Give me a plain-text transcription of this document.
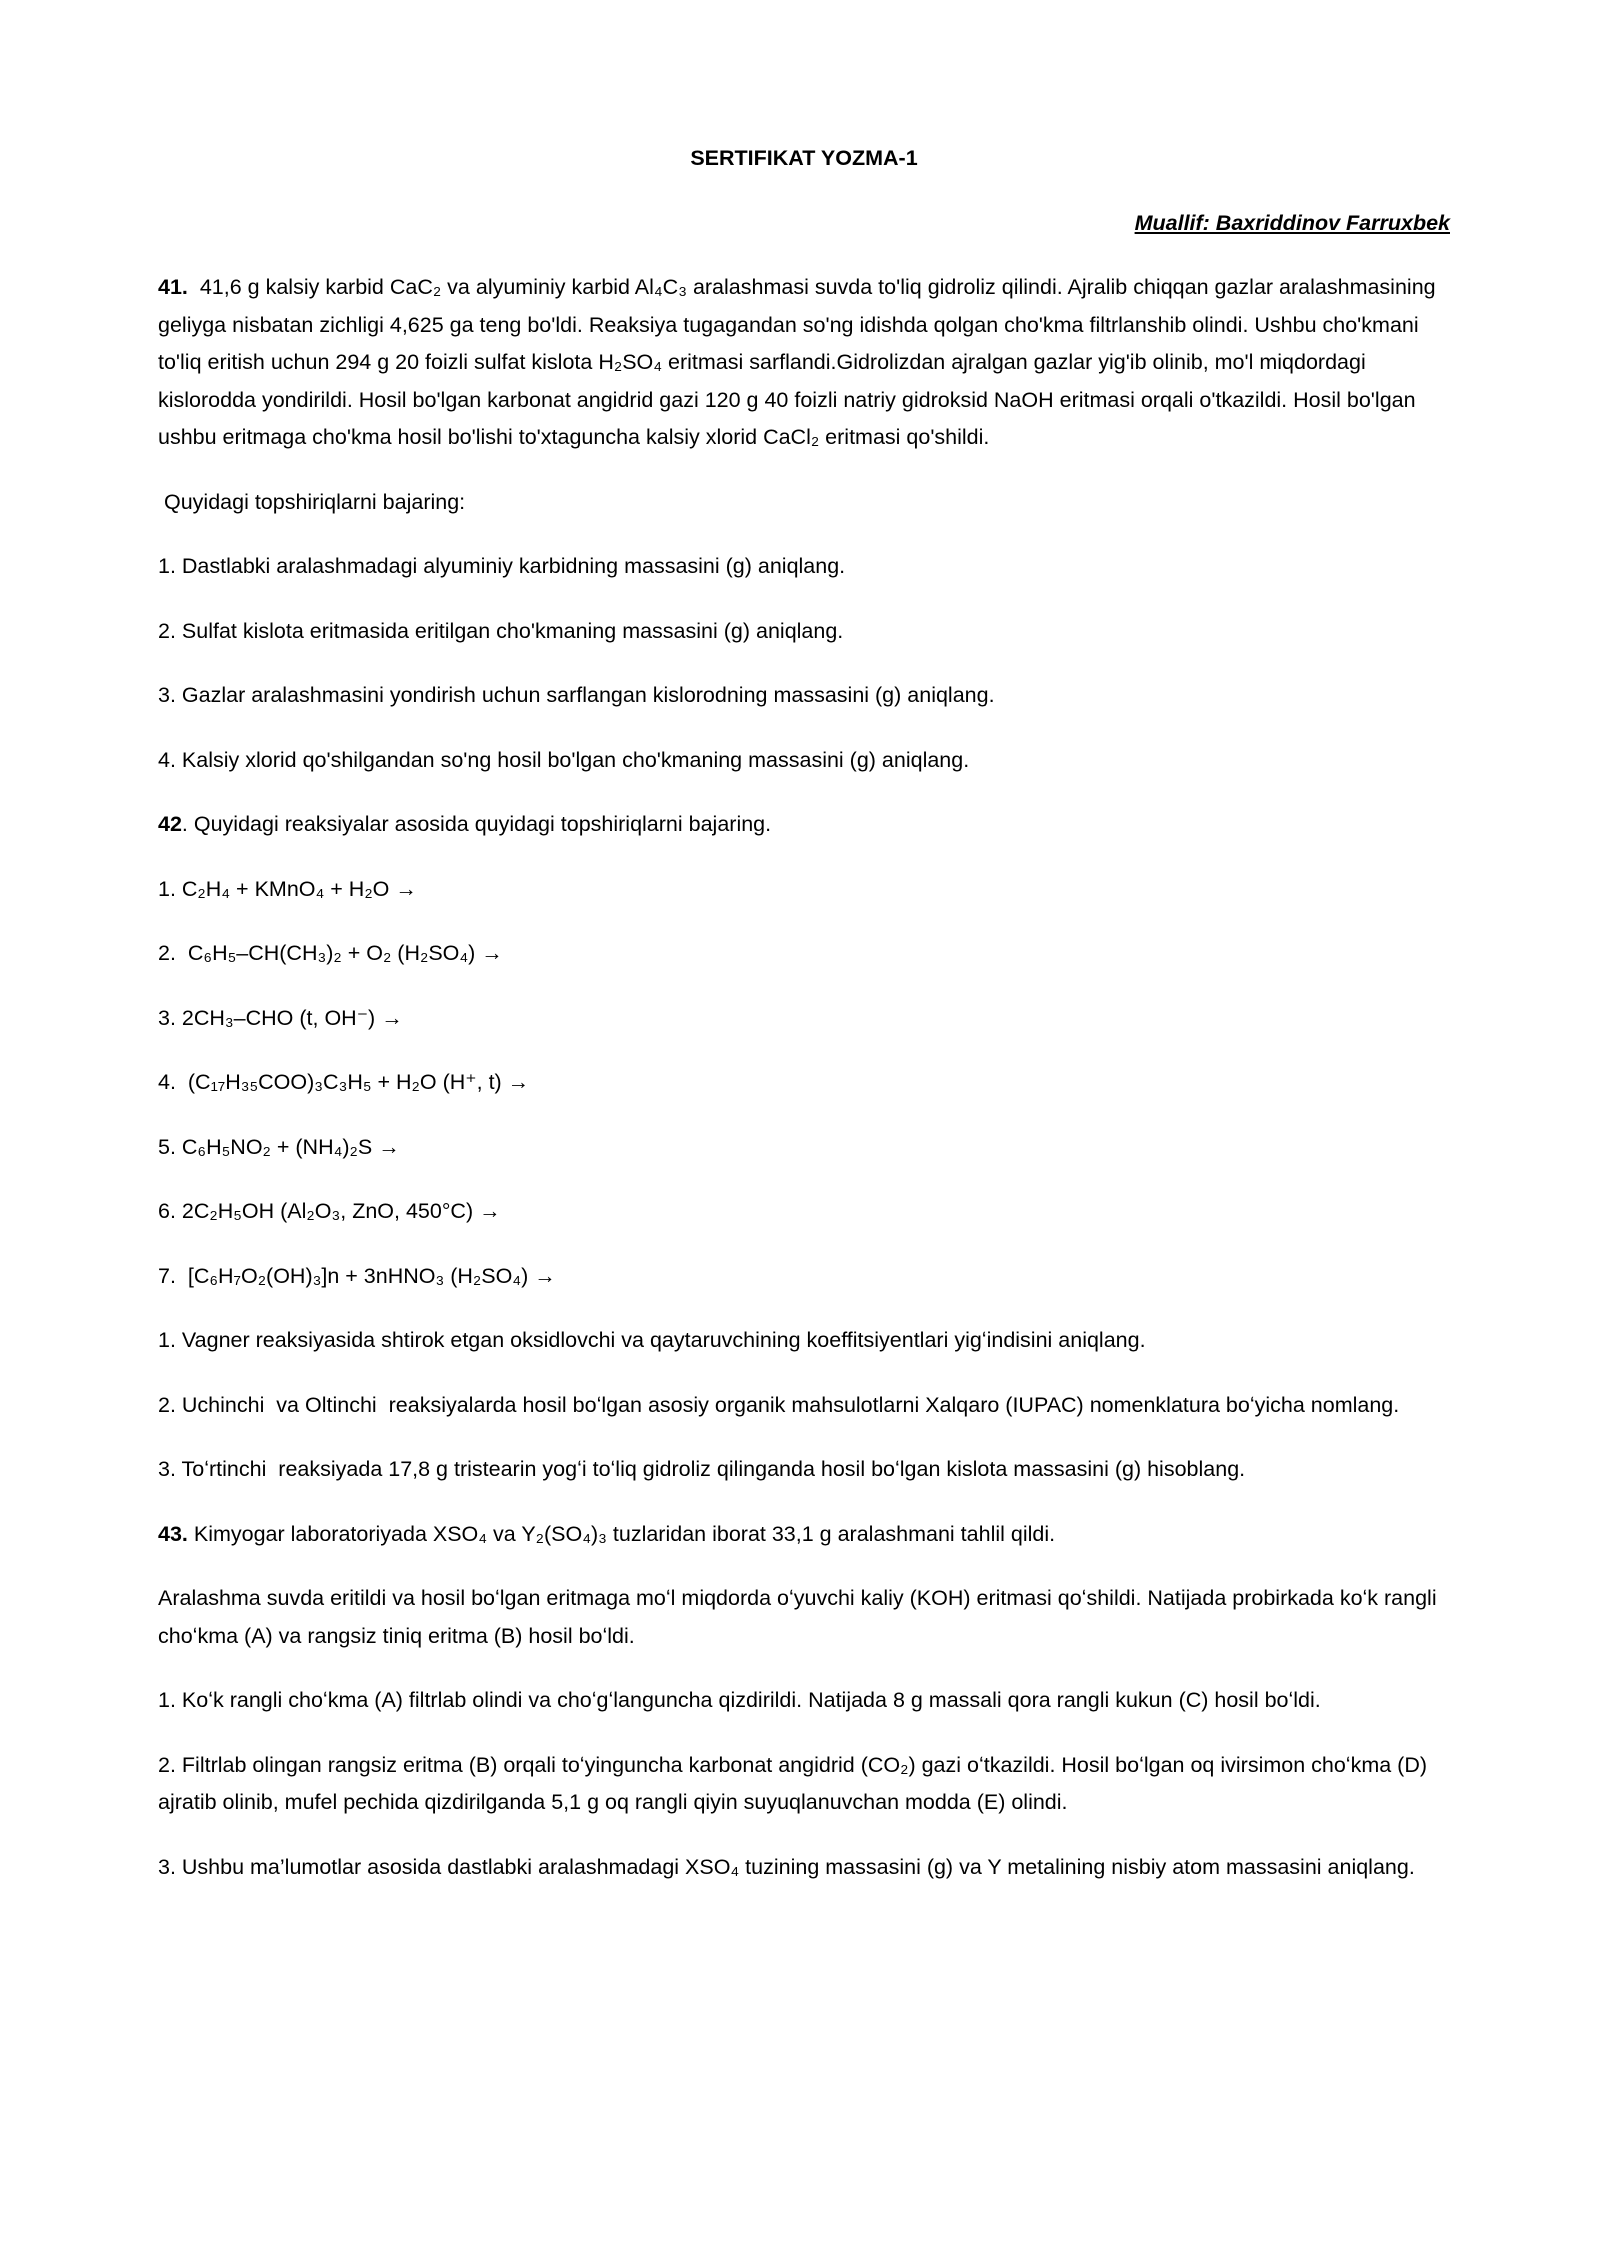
SERTIFIKAT YOZMA-1

Muallif: Baxriddinov Farruxbek

41.  41,6 g kalsiy karbid CaC₂ va alyuminiy karbid Al₄C₃ aralashmasi suvda to'liq gidroliz qilindi. Ajralib chiqqan gazlar aralashmasining geliyga nisbatan zichligi 4,625 ga teng bo'ldi. Reaksiya tugagandan so'ng idishda qolgan cho'kma filtrlanshib olindi. Ushbu cho'kmani to'liq eritish uchun 294 g 20 foizli sulfat kislota H₂SO₄ eritmasi sarflandi.Gidrolizdan ajralgan gazlar yig'ib olinib, mo'l miqdordagi kislorodda yondirildi. Hosil bo'lgan karbonat angidrid gazi 120 g 40 foizli natriy gidroksid NaOH eritmasi orqali o'tkazildi. Hosil bo'lgan ushbu eritmaga cho'kma hosil bo'lishi to'xtaguncha kalsiy xlorid CaCl₂ eritmasi qo'shildi.

Quyidagi topshiriqlarni bajaring:

1. Dastlabki aralashmadagi alyuminiy karbidning massasini (g) aniqlang.

2. Sulfat kislota eritmasida eritilgan cho'kmaning massasini (g) aniqlang.

3. Gazlar aralashmasini yondirish uchun sarflangan kislorodning massasini (g) aniqlang.

4. Kalsiy xlorid qo'shilgandan so'ng hosil bo'lgan cho'kmaning massasini (g) aniqlang.

42. Quyidagi reaksiyalar asosida quyidagi topshiriqlarni bajaring.

1. C₂H₄ + KMnO₄ + H₂O →

2.  C₆H₅–CH(CH₃)₂ + O₂ (H₂SO₄) →

3. 2CH₃–CHO (t, OH⁻) →

4.  (C₁₇H₃₅COO)₃C₃H₅ + H₂O (H⁺, t) →

5. C₆H₅NO₂ + (NH₄)₂S →

6. 2C₂H₅OH (Al₂O₃, ZnO, 450°C) →

7.  [C₆H₇O₂(OH)₃]n + 3nHNO₃ (H₂SO₄) →

1. Vagner reaksiyasida shtirok etgan oksidlovchi va qaytaruvchining koeffitsiyentlari yigʻindisini aniqlang.

2. Uchinchi  va Oltinchi  reaksiyalarda hosil boʻlgan asosiy organik mahsulotlarni Xalqaro (IUPAC) nomenklatura boʻyicha nomlang.

3. Toʻrtinchi  reaksiyada 17,8 g tristearin yogʻi toʻliq gidroliz qilinganda hosil boʻlgan kislota massasini (g) hisoblang.

43. Kimyogar laboratoriyada XSO₄ va Y₂(SO₄)₃ tuzlaridan iborat 33,1 g aralashmani tahlil qildi.

Aralashma suvda eritildi va hosil boʻlgan eritmaga moʻl miqdorda oʻyuvchi kaliy (KOH) eritmasi qoʻshildi. Natijada probirkada koʻk rangli choʻkma (A) va rangsiz tiniq eritma (B) hosil boʻldi.

1. Koʻk rangli choʻkma (A) filtrlab olindi va choʻgʻlanguncha qizdirildi. Natijada 8 g massali qora rangli kukun (C) hosil boʻldi.

2. Filtrlab olingan rangsiz eritma (B) orqali toʻyinguncha karbonat angidrid (CO₂) gazi oʻtkazildi. Hosil boʻlgan oq ivirsimon choʻkma (D) ajratib olinib, mufel pechida qizdirilganda 5,1 g oq rangli qiyin suyuqlanuvchan modda (E) olindi.

3. Ushbu ma’lumotlar asosida dastlabki aralashmadagi XSO₄ tuzining massasini (g) va Y metalining nisbiy atom massasini aniqlang.
